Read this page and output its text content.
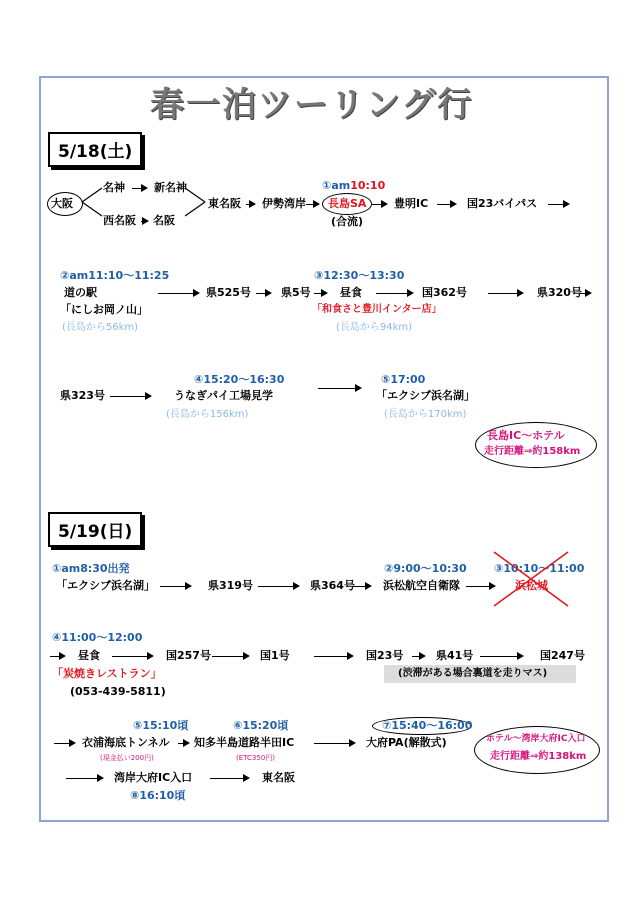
春一泊ツーリング行
5/18(土)
大阪
名神	新名神
西名阪 名阪
東名阪 伊勢湾岸
①am10:10
長島SA
(合流)
豊明IC	国23バイパス
②am11:10～11:25
道の駅
「にしお岡ノ山」
(長島から56km)
県525号	県5号
③12:30～13:30
昼食
「和食さと豊川インター店」
(長島から94km)
国362号	県320号
県323号
④15:20～16:30
うなぎパイ工場見学
(長島から156km)
⑤17:00
「エクシブ浜名湖」
(長島から170km)
長島IC～ホテル
走行距離⇒約158km
5/19(日)
①am8:30出発
「エクシブ浜名湖」	県319号	県364号
②9:00～10:30
浜松航空自衛隊
③10:10～11:00
浜松城
④11:00～12:00
昼食
「炭焼きレストラン」
(053-439-5811)
国257号	国1号	国23号	県41号	国247号
(渋滞がある場合裏道を走りマス)
⑤15:10頃
衣浦海底トンネル
(現金払い200円)
⑥15:20頃
知多半島道路半田IC
(ETC350円)
⑦15:40～16:00
大府PA(解散式)
湾岸大府IC入口	東名阪
⑧16:10頃
ホテル～湾岸大府IC入口
走行距離⇒約138km
